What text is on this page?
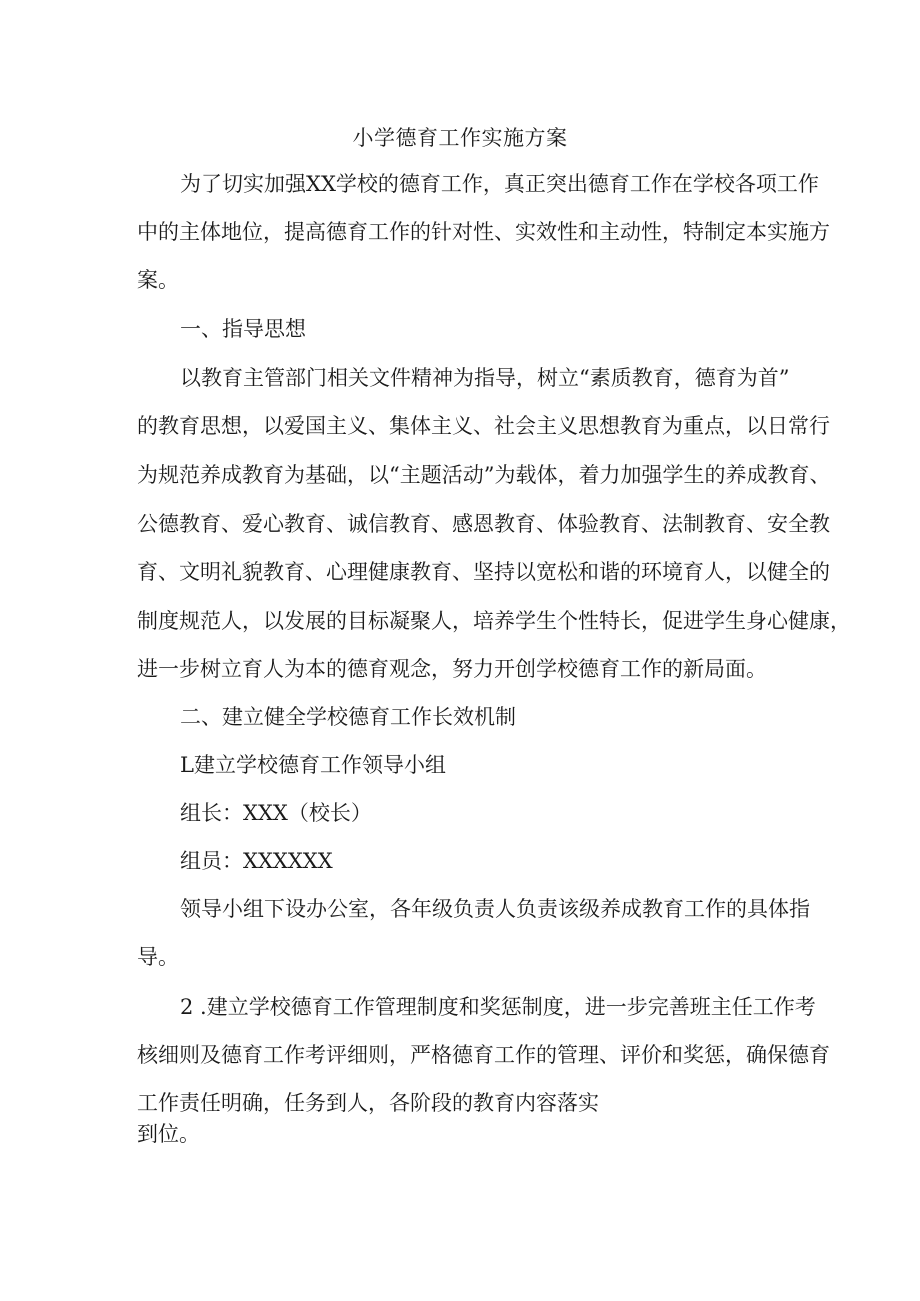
小学德育工作实施方案
为了切实加强XX学校的德育工作，真正突出德育工作在学校各项工作
中的主体地位，提高德育工作的针对性、实效性和主动性，特制定本实施方
案。
一、指导思想
以教育主管部门相关文件精神为指导，树立“素质教育，德育为首”
的教育思想，以爱国主义、集体主义、社会主义思想教育为重点，以日常行
为规范养成教育为基础，以“主题活动”为载体，着力加强学生的养成教育、
公德教育、爱心教育、诚信教育、感恩教育、体验教育、法制教育、安全教
育、文明礼貌教育、心理健康教育、坚持以宽松和谐的环境育人，以健全的
制度规范人，以发展的目标凝聚人，培养学生个性特长，促进学生身心健康，
进一步树立育人为本的德育观念，努力开创学校德育工作的新局面。
二、建立健全学校德育工作长效机制
L建立学校德育工作领导小组
组长：XXX（校长）
组员：XXXXXX
领导小组下设办公室，各年级负责人负责该级养成教育工作的具体指
导。
2 .建立学校德育工作管理制度和奖惩制度，进一步完善班主任工作考
核细则及德育工作考评细则，严格德育工作的管理、评价和奖惩，确保德育
工作责任明确，任务到人，各阶段的教育内容落实
到位。
